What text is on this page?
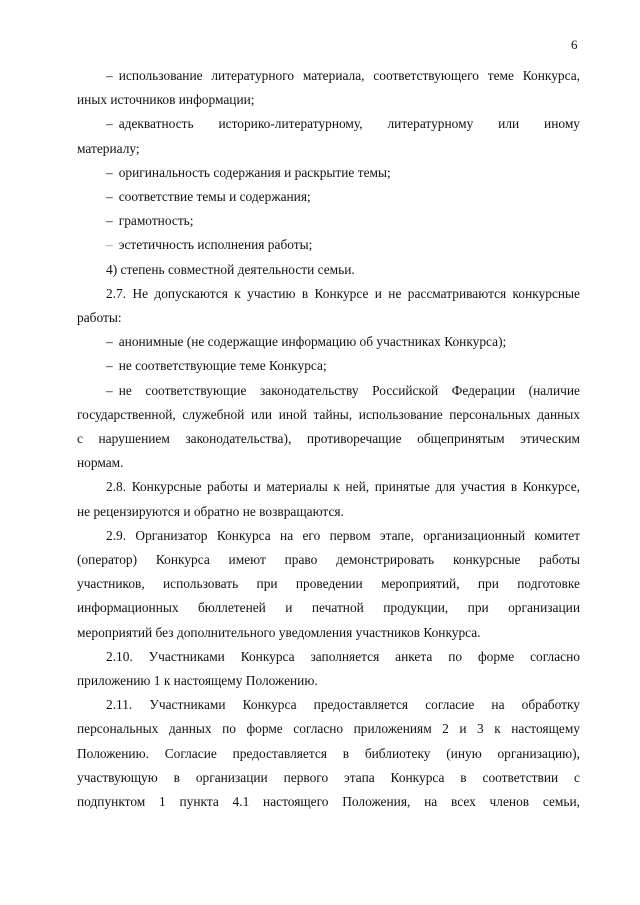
6
– использование литературного материала, соответствующего теме Конкурса,
иных источников информации;
– адекватность историко-литературному, литературному или иному
материалу;
– оригинальность содержания и раскрытие темы;
– соответствие темы и содержания;
– грамотность;
– эстетичность исполнения работы;
4) степень совместной деятельности семьи.
2.7. Не допускаются к участию в Конкурсе и не рассматриваются конкурсные
работы:
– анонимные (не содержащие информацию об участниках Конкурса);
– не соответствующие теме Конкурса;
– не соответствующие законодательству Российской Федерации (наличие
государственной, служебной или иной тайны, использование персональных данных
с нарушением законодательства), противоречащие общепринятым этическим
нормам.
2.8. Конкурсные работы и материалы к ней, принятые для участия в Конкурсе,
не рецензируются и обратно не возвращаются.
2.9. Организатор Конкурса на его первом этапе, организационный комитет
(оператор) Конкурса имеют право демонстрировать конкурсные работы
участников, использовать при проведении мероприятий, при подготовке
информационных бюллетеней и печатной продукции, при организации
мероприятий без дополнительного уведомления участников Конкурса.
2.10. Участниками Конкурса заполняется анкета по форме согласно
приложению 1 к настоящему Положению.
2.11. Участниками Конкурса предоставляется согласие на обработку
персональных данных по форме согласно приложениям 2 и 3 к настоящему
Положению. Согласие предоставляется в библиотеку (иную организацию),
участвующую в организации первого этапа Конкурса в соответствии с
подпунктом 1 пункта 4.1 настоящего Положения, на всех членов семьи,
